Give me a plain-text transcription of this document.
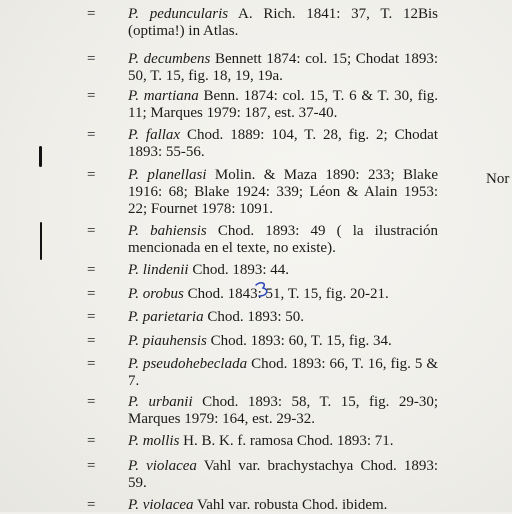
= P. peduncularis A. Rich. 1841: 37, T. 12Bis (optima!) in Atlas.
= P. decumbens Bennett 1874: col. 15; Chodat 1893: 50, T. 15, fig. 18, 19, 19a.
= P. martiana Benn. 1874: col. 15, T. 6 & T. 30, fig. 11; Marques 1979: 187, est. 37-40.
= P. fallax Chod. 1889: 104, T. 28, fig. 2; Chodat 1893: 55-56.
= P. planellasi Molin. & Maza 1890: 233; Blake 1916: 68; Blake 1924: 339; Léon & Alain 1953: 22; Fournet 1978: 1091.
= P. bahiensis Chod. 1893: 49 ( la ilustración mencionada en el texte, no existe).
= P. lindenii Chod. 1893: 44.
= P. orobus Chod. 1843: 51, T. 15, fig. 20-21.
= P. parietaria Chod. 1893: 50.
= P. piauhensis Chod. 1893: 60, T. 15, fig. 34.
= P. pseudohebeclada Chod. 1893: 66, T. 16, fig. 5 & 7.
= P. urbanii Chod. 1893: 58, T. 15, fig. 29-30; Marques 1979: 164, est. 29-32.
= P. mollis H. B. K. f. ramosa Chod. 1893: 71.
= P. violacea Vahl var. brachystachya Chod. 1893: 59.
= P. violacea Vahl var. robusta Chod. ibidem.
Nor
